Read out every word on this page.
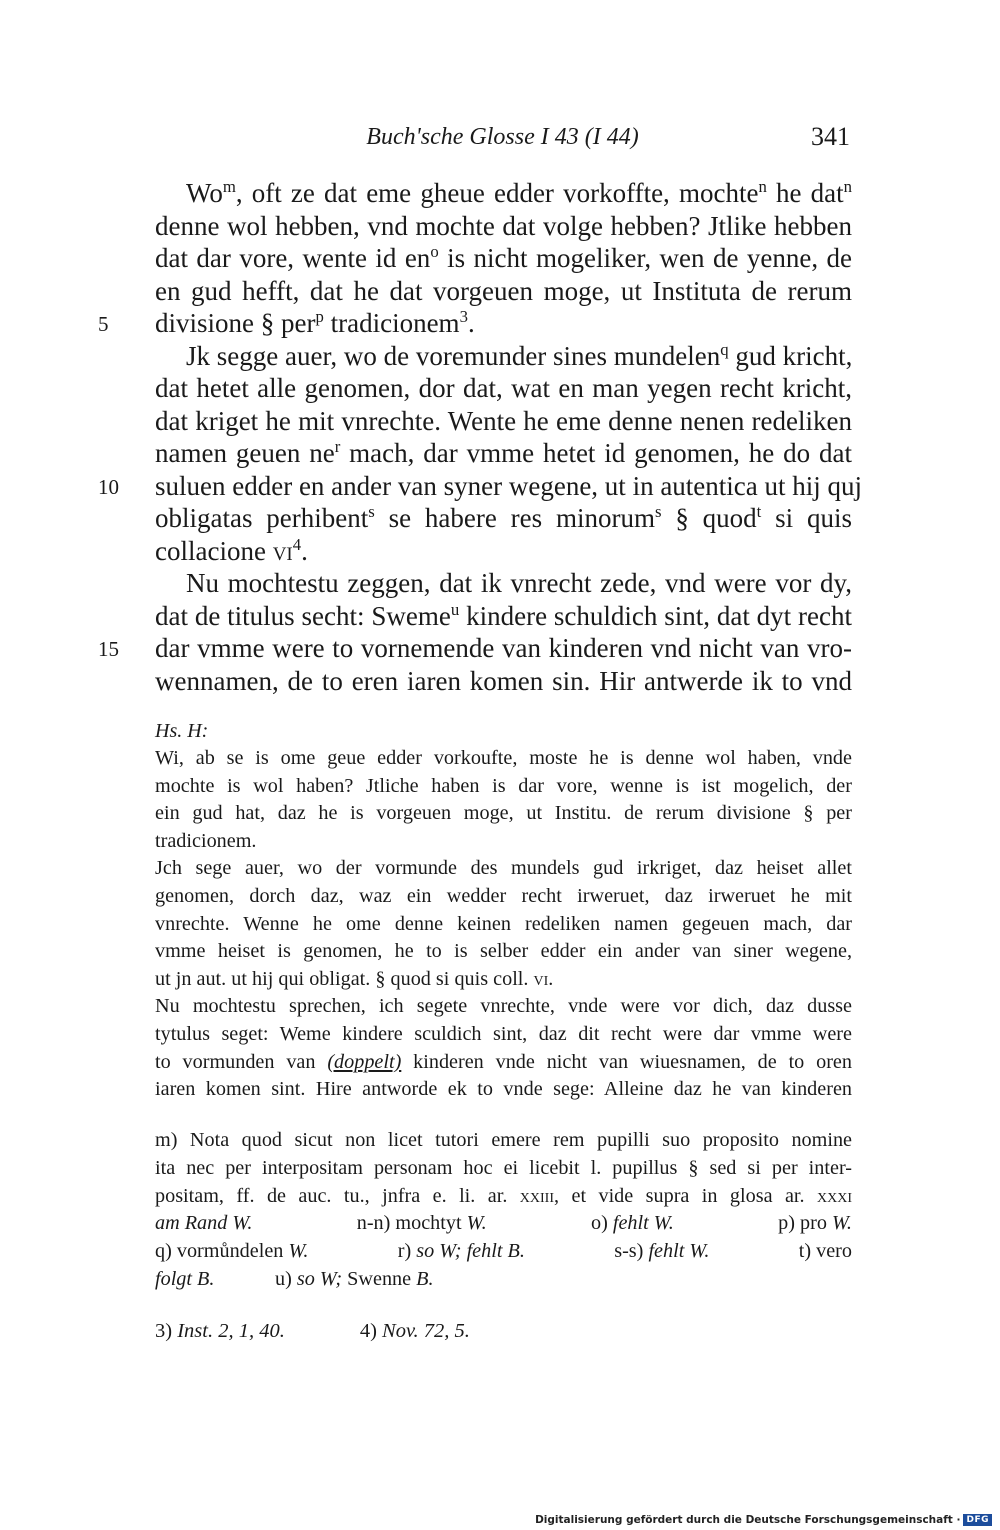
Buch'sche Glosse I 43 (I 44)	341
Wo$^m$, oft ze dat eme gheue edder vorkoffte, mochte$^n$ he dat$^n$
denne wol hebben, vnd mochte dat volge hebben? Jtlike hebben
dat dar vore, wente id $en^o$ is nicht mogeliker, wen de yenne, de
en gud hefft, dat he dat vorgeuen moge, ut Instituta de rerum
5	divisione § per$^p$ tradicionem$^3$.
Jk segge auer, wo de voremunder sines mundelen$^q$ gud kricht,
dat hetet alle genomen, dor dat, wat en man yegen recht kricht,
dat kriget he mit vnrechte. Wente he eme denne nenen redeliken
namen geuen $ne^r$ mach, dar vmme hetet id genomen, he do dat
10	suluen edder en ander van syner wegene, ut in autentica ut hij quj
obligatas perhibent$^s$ se habere res minorum$^s$ § quod$^t$ si quis
collacione $vi^4$.
Nu mochtestu zeggen, dat ik vnrecht zede, vnd were vor dy,
dat de titulus secht: Sweme$^u$ kindere schuldich sint, dat dyt recht
15	dar vmme were to vornemende van kinderen vnd nicht van vro-
wennamen, de to eren iaren komen sin. Hir antwerde ik to vnd
Hs. H:
Wi, ab se is ome geue edder vorkoufte, moste he is denne wol haben, vnde
mochte is wol haben? Jtliche haben is dar vore, wenne is ist mogelich, der
ein gud hat, daz he is vorgeuen moge, ut Institu. de rerum divisione § per
tradicionem.
Jch sege auer, wo der vormunde des mundels gud irkriget, daz heiset allet
genomen, dorch daz, waz ein wedder recht irweruet, daz irweruet he mit
vnrechte. Wenne he ome denne keinen redeliken namen gegeuen mach, dar
vmme heiset is genomen, he to is selber edder ein ander van siner wegene,
ut jn aut. ut hij qui obligat. § quod si quis coll. vi.
Nu mochtestu sprechen, ich segete vnrechte, vnde were vor dich, daz dusse
tytulus seget: Weme kindere sculdich sint, daz dit recht were dar vmme were
to vormunden van (doppelt) kinderen vnde nicht van wiuesnamen, de to oren
iaren komen sint. Hire antworde ek to vnde sege: Alleine daz he van kinderen
m) Nota quod sicut non licet tutori emere rem pupilli suo proposito nomine
ita nec per interpositam personam hoc ei licebit l. pupillus § sed si per inter-
positam, ff. de auc. tu., jnfra e. li. ar. xxiii, et vide supra in glosa ar. xxxi
am Rand W.	n-n) mochtyt W.	o) fehlt W.	p) pro W.
q) vormůndelen W.	r) so W; fehlt B.	s-s) fehlt W.	t) vero
folgt B.            u) so W; Swenne B.
3) Inst. 2, 1, 40.	4) Nov. 72, 5.
Digitalisierung gefördert durch die Deutsche Forschungsgemeinschaft · DFG
